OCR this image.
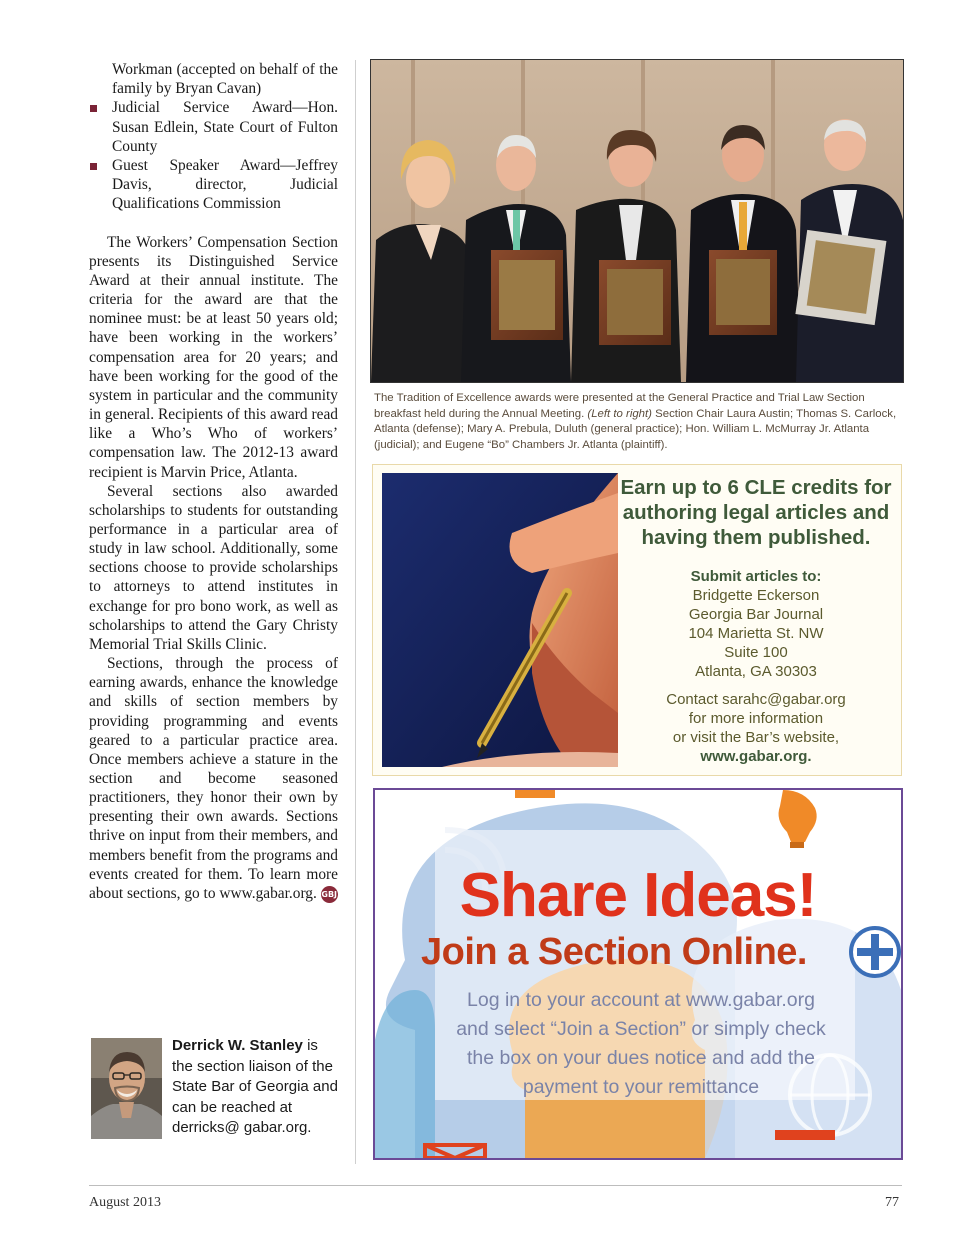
Workman (accepted on behalf of the family by Bryan Cavan)
Judicial Service Award—Hon. Susan Edlein, State Court of Fulton County
Guest Speaker Award—Jeffrey Davis, director, Judicial Qualifications Commission

The Workers’ Compensation Section presents its Distinguished Service Award at their annual institute. The criteria for the award are that the nominee must: be at least 50 years old; have been working in the workers’ compensation area for 20 years; and have been working for the good of the system in particular and the community in general. Recipients of this award read like a Who’s Who of workers’ compensation law. The 2012-13 award recipient is Marvin Price, Atlanta.

Several sections also awarded scholarships to students for outstanding performance in a particular area of study in law school. Additionally, some sections choose to provide scholarships to attorneys to attend institutes in exchange for pro bono work, as well as scholarships to attend the Gary Christy Memorial Trial Skills Clinic.

Sections, through the process of earning awards, enhance the knowledge and skills of section members by providing programming and events geared to a particular practice area. Once members achieve a stature in the section and become seasoned practitioners, they honor their own by presenting their own awards. Sections thrive on input from their members, and members benefit from the programs and events created for them. To learn more about sections, go to www.gabar.org. GBJ

Derrick W. Stanley is the section liaison of the State Bar of Georgia and can be reached at derricks@ gabar.org.
The Tradition of Excellence awards were presented at the General Practice and Trial Law Section breakfast held during the Annual Meeting. (Left to right) Section Chair Laura Austin; Thomas S. Carlock, Atlanta (defense); Mary A. Prebula, Duluth (general practice); Hon. William L. McMurray Jr. Atlanta (judicial); and Eugene “Bo” Chambers Jr. Atlanta (plaintiff).
Earn up to 6 CLE credits for
authoring legal articles and
having them published.
Submit articles to:
Bridgette Eckerson
Georgia Bar Journal
104 Marietta St. NW
Suite 100
Atlanta, GA 30303
Contact sarahc@gabar.org
for more information
or visit the Bar’s website,
www.gabar.org.
Share Ideas!
Join a Section Online.
Log in to your account at www.gabar.org
and select “Join a Section” or simply check
the box on your dues notice and add the
payment to your remittance
August 2013	77
